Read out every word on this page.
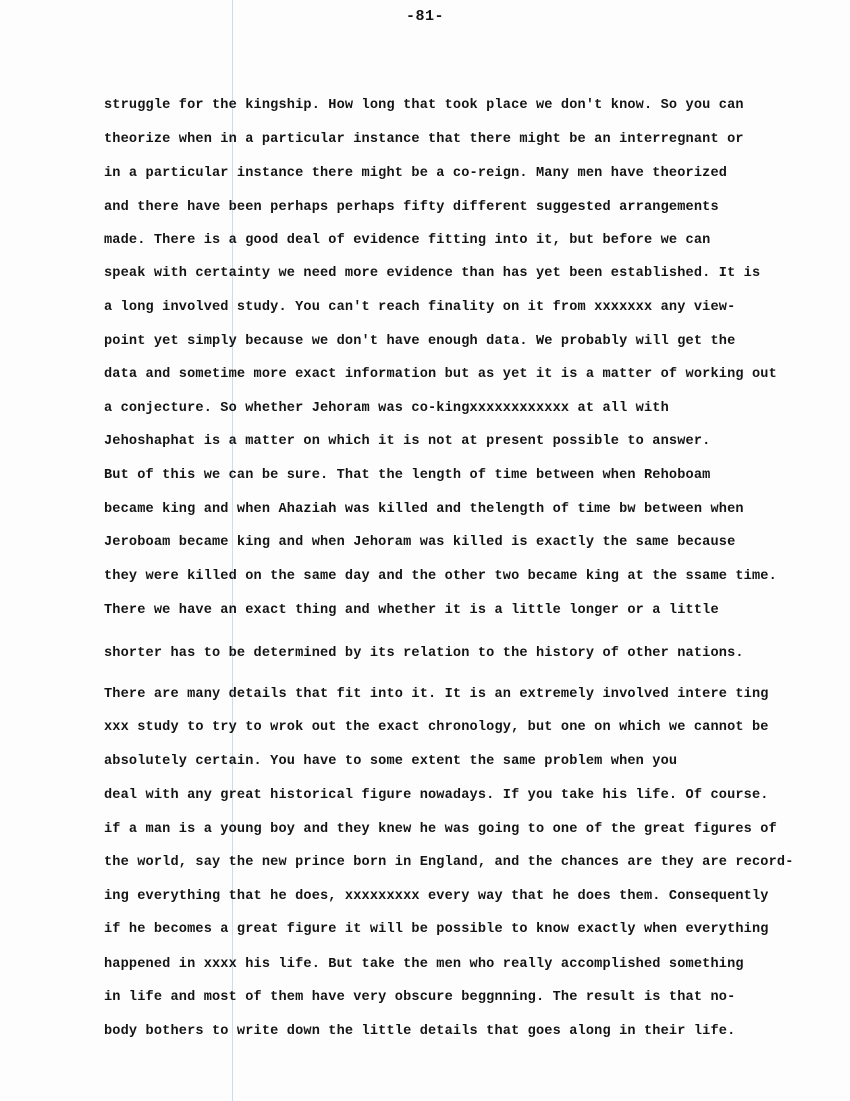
-81-
struggle for the kingship. How long that took place we don't know. So you can
theorize when in a particular instance that there might be an interregnant or
in a particular instance there might be a co-reign. Many men have theorized
and there have been perhaps perhaps fifty different suggested arrangements
made. There is a good deal of evidence fitting into it, but before we can
speak with certainty we need more evidence than has yet been established. It is
a long involved study. You can't reach finality on it from xxxxxxx any view-
point yet simply because we don't have enough data. We probably will get the
data and sometime more exact information but as yet it is a matter of working out
a conjecture. So whether Jehoram was co-kingxxxxxxxxxxxx at all with
Jehoshaphat is a matter on which it is not at present possible to answer.
But of this we can be sure. That the length of time between when Rehoboam
became king and when Ahaziah was killed and thelength of time bw between when
Jeroboam became king and when Jehoram was killed is exactly the same because
they were killed on the same day and the other two became king at the ssame time.
There we have an exact thing and whether it is a little longer or a little
shorter has to be determined by its relation to the history of other nations.
There are many details that fit into it. It is an extremely involved intere ting
xxx study to try to wrok out the exact chronology, but one on which we cannot be
absolutely certain. You have to some extent the same problem when you
deal with any great historical figure nowadays. If you take his life. Of course.
if a man is a young boy and they knew he was going to one of the great figures of
the world, say the new prince born in England, and the chances are they are record-
ing everything that he does, xxxxxxxxx every way that he does them. Consequently
if he becomes a great figure it will be possible to know exactly when everything
happened in xxxx his life. But take the men who really accomplished something
in life and most of them have very obscure beggnning. The result is that no-
body bothers to write down the little details that goes along in their life.
